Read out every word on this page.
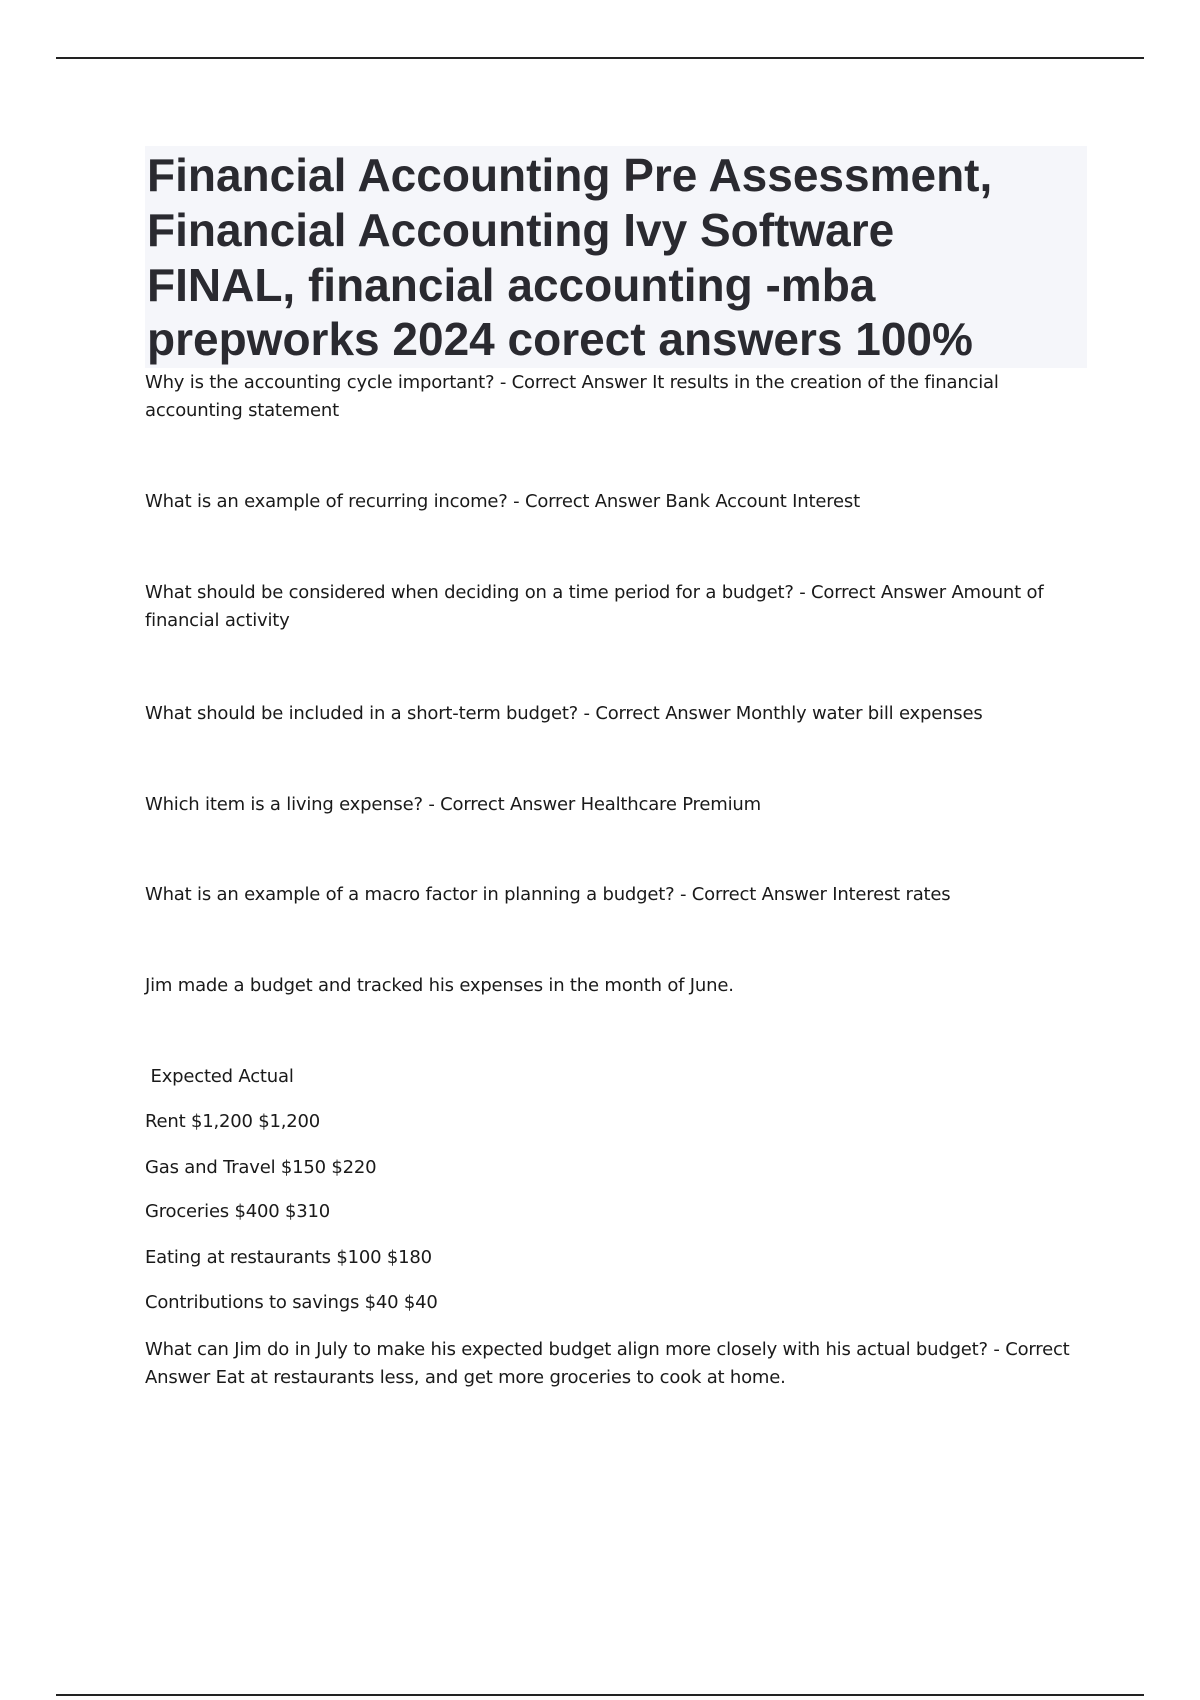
Financial Accounting Pre Assessment,
Financial Accounting Ivy Software
FINAL, financial accounting -mba
prepworks 2024 corect answers 100%
Why is the accounting cycle important? - Correct Answer It results in the creation of the financial
accounting statement
What is an example of recurring income? - Correct Answer Bank Account Interest
What should be considered when deciding on a time period for a budget? - Correct Answer Amount of
financial activity
What should be included in a short-term budget? - Correct Answer Monthly water bill expenses
Which item is a living expense? - Correct Answer Healthcare Premium
What is an example of a macro factor in planning a budget? - Correct Answer Interest rates
Jim made a budget and tracked his expenses in the month of June.
Expected Actual
Rent $1,200 $1,200
Gas and Travel $150 $220
Groceries $400 $310
Eating at restaurants $100 $180
Contributions to savings $40 $40
What can Jim do in July to make his expected budget align more closely with his actual budget? - Correct
Answer Eat at restaurants less, and get more groceries to cook at home.
